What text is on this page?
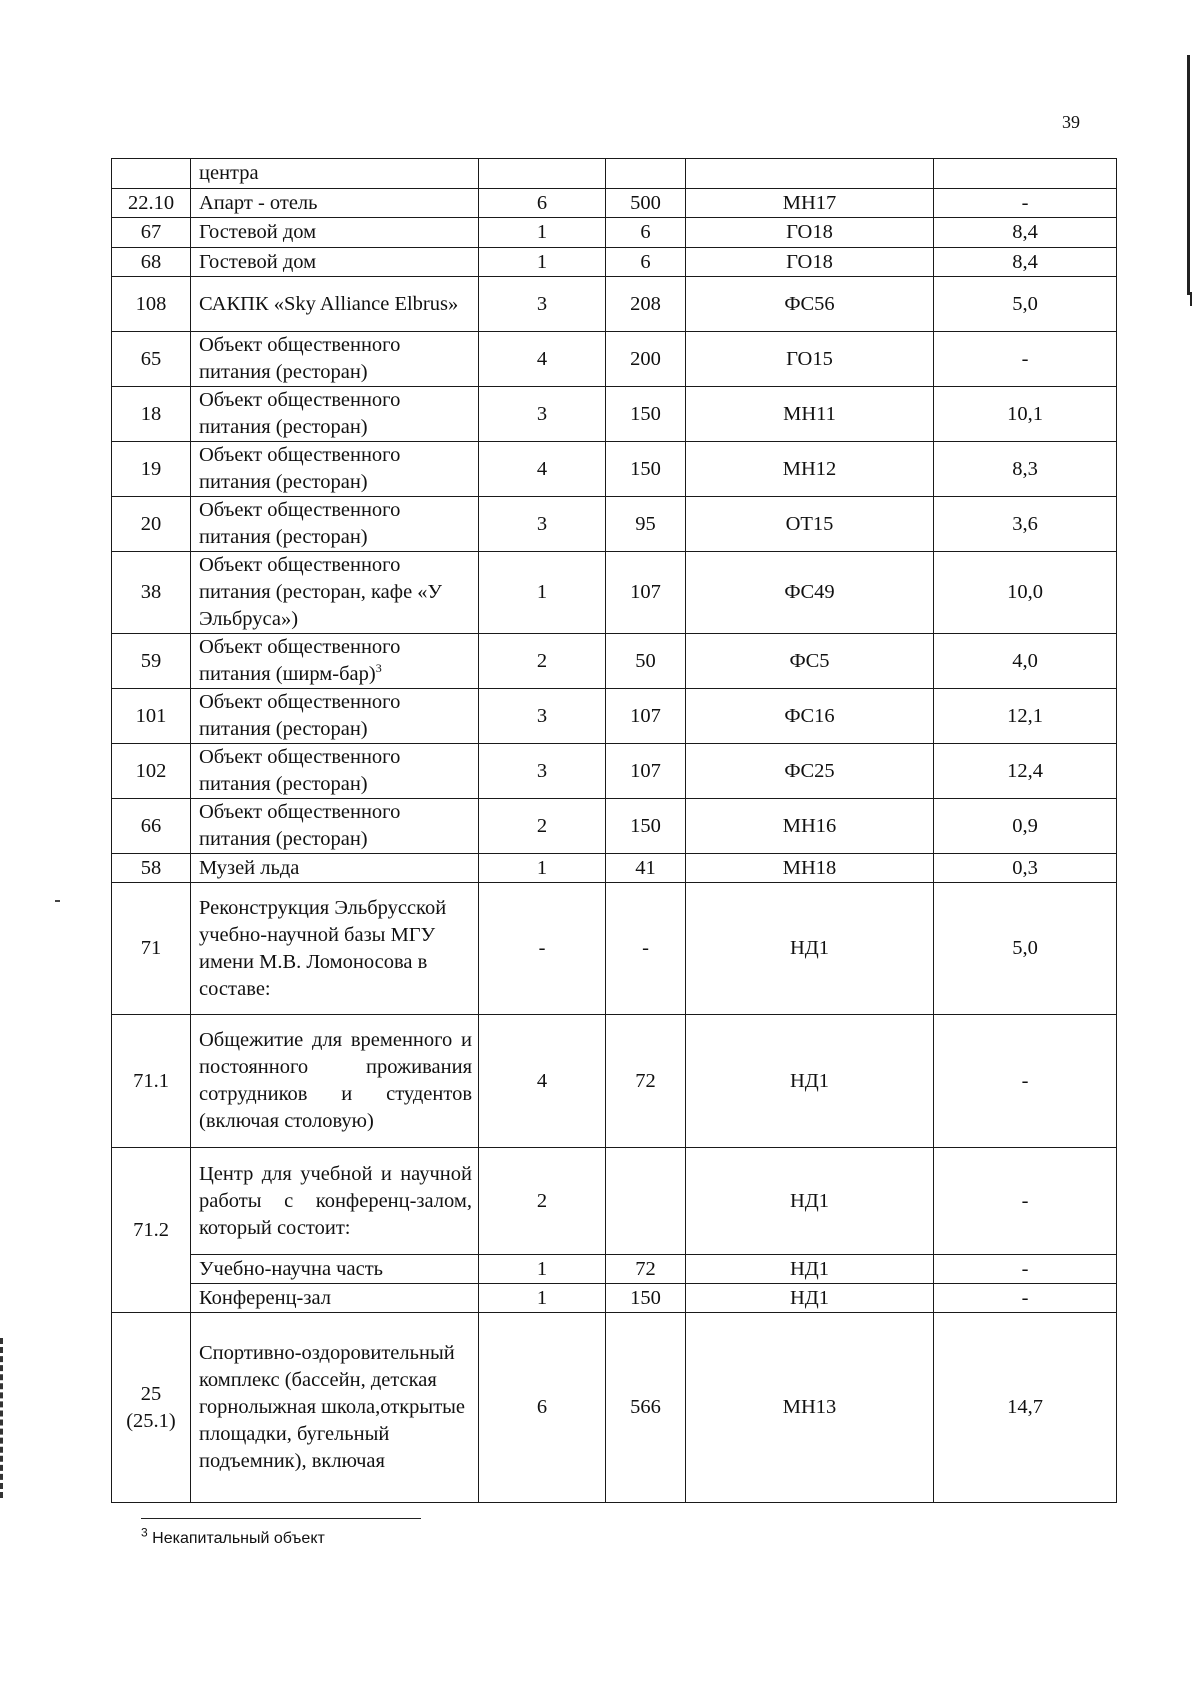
39
	центра				
22.10	Апарт - отель	6	500	МН17	-
67	Гостевой дом	1	6	ГО18	8,4
68	Гостевой дом	1	6	ГО18	8,4
108	САКПК «Sky Alliance Elbrus»	3	208	ФС56	5,0
65	Объект общественного питания (ресторан)	4	200	ГО15	-
18	Объект общественного питания (ресторан)	3	150	МН11	10,1
19	Объект общественного питания (ресторан)	4	150	МН12	8,3
20	Объект общественного питания (ресторан)	3	95	ОТ15	3,6
38	Объект общественного питания (ресторан, кафе «У Эльбруса»)	1	107	ФС49	10,0
59	Объект общественного питания (ширм-бар)$^3$	2	50	ФС5	4,0
101	Объект общественного питания (ресторан)	3	107	ФС16	12,1
102	Объект общественного питания (ресторан)	3	107	ФС25	12,4
66	Объект общественного питания (ресторан)	2	150	МН16	0,9
58	Музей льда	1	41	МН18	0,3
71	Реконструкция Эльбрусской учебно-научной базы МГУ имени М.В. Ломоносова в составе:	-	-	НД1	5,0
71.1	Общежитие для временного и постоянного проживания сотрудников и студентов (включая столовую)	4	72	НД1	-
71.2	Центр для учебной и научной работы с конференц-залом, который состоит:	2		НД1	-
	Учебно-научна часть	1	72	НД1	-
	Конференц-зал	1	150	НД1	-
25 (25.1)	Спортивно-оздоровительный комплекс (бассейн, детская горнолыжная школа,открытые площадки, бугельный подъемник), включая	6	566	МН13	14,7
$^3$ Некапитальный объект
